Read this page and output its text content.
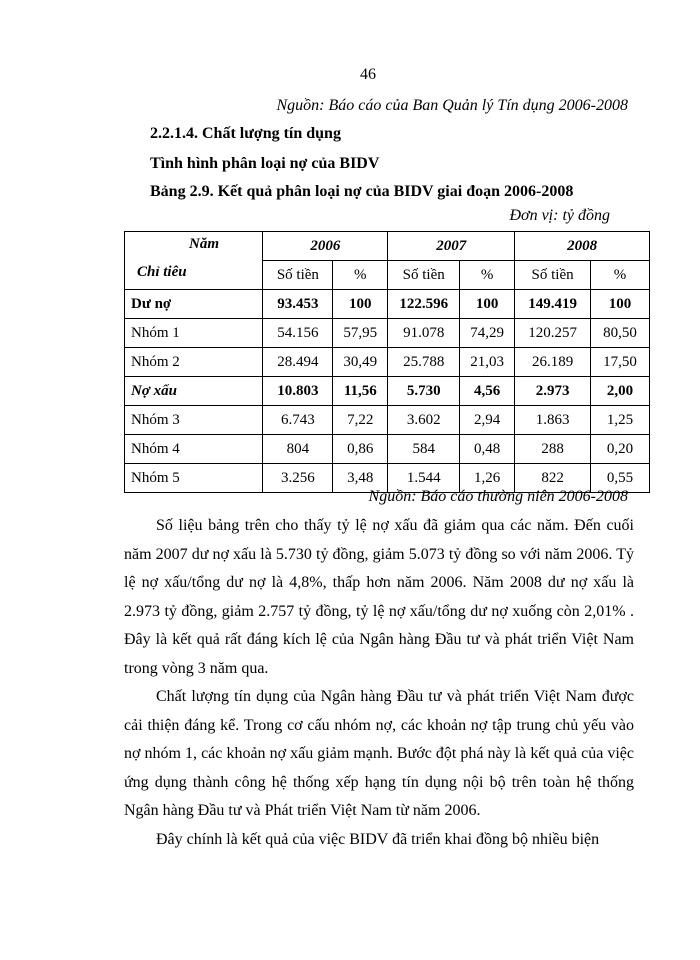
46
Nguồn: Báo cáo của Ban Quản lý Tín dụng 2006-2008
2.2.1.4. Chất lượng tín dụng
Tình hình phân loại nợ của BIDV
Bảng 2.9. Kết quả phân loại nợ của BIDV giai đoạn 2006-2008
Đơn vị: tỷ đồng
Năm
Chỉ tiêu	2006		2007		2008	
	Số tiền	%	Số tiền	%	Số tiền	%
Dư nợ	93.453	100	122.596	100	149.419	100
Nhóm 1	54.156	57,95	91.078	74,29	120.257	80,50
Nhóm 2	28.494	30,49	25.788	21,03	26.189	17,50
Nợ xấu	10.803	11,56	5.730	4,56	2.973	2,00
Nhóm 3	6.743	7,22	3.602	2,94	1.863	1,25
Nhóm 4	804	0,86	584	0,48	288	0,20
Nhóm 5	3.256	3,48	1.544	1,26	822	0,55
Nguồn: Báo cáo thường niên 2006-2008

Số liệu bảng trên cho thấy tỷ lệ nợ xấu đã giảm qua các năm. Đến cuối năm 2007 dư nợ xấu là 5.730 tỷ đồng, giảm 5.073 tỷ đồng so với năm 2006. Tỷ lệ nợ xấu/tổng dư nợ là 4,8%, thấp hơn năm 2006. Năm 2008 dư nợ xấu là 2.973 tỷ đồng, giảm 2.757 tỷ đồng, tỷ lệ nợ xấu/tổng dư nợ xuống còn 2,01% . Đây là kết quả rất đáng kích lệ của Ngân hàng Đầu tư và phát triển Việt Nam trong vòng 3 năm qua.

Chất lượng tín dụng của Ngân hàng Đầu tư và phát triển Việt Nam được cải thiện đáng kể. Trong cơ cấu nhóm nợ, các khoản nợ tập trung chủ yếu vào nợ nhóm 1, các khoản nợ xấu giảm mạnh. Bước đột phá này là kết quả của việc ứng dụng thành công hệ thống xếp hạng tín dụng nội bộ trên toàn hệ thống Ngân hàng Đầu tư và Phát triển Việt Nam từ năm 2006.

Đây chính là kết quả của việc BIDV đã triển khai đồng bộ nhiều biện
